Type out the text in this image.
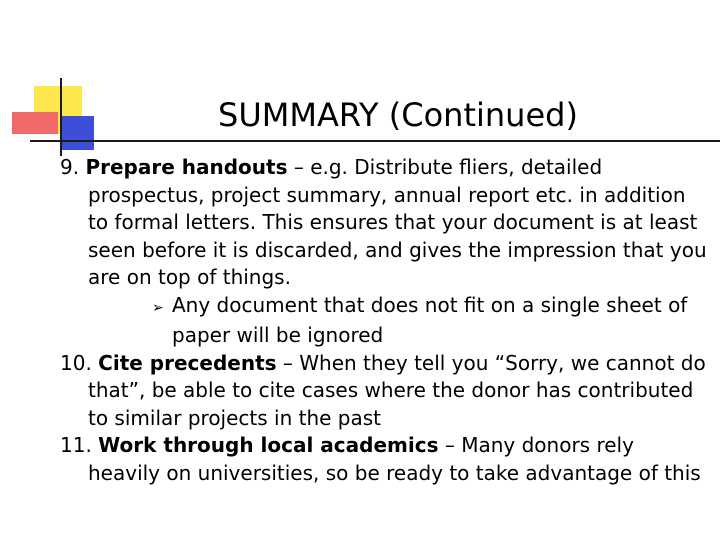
SUMMARY (Continued)

9. Prepare handouts – e.g. Distribute fliers, detailed prospectus, project summary, annual report etc. in addition to formal letters. This ensures that your document is at least seen before it is discarded, and gives the impression that you are on top of things.

➢ Any document that does not fit on a single sheet of paper will be ignored

10. Cite precedents – When they tell you “Sorry, we cannot do that”, be able to cite cases where the donor has contributed to similar projects in the past

11. Work through local academics – Many donors rely heavily on universities, so be ready to take advantage of this
